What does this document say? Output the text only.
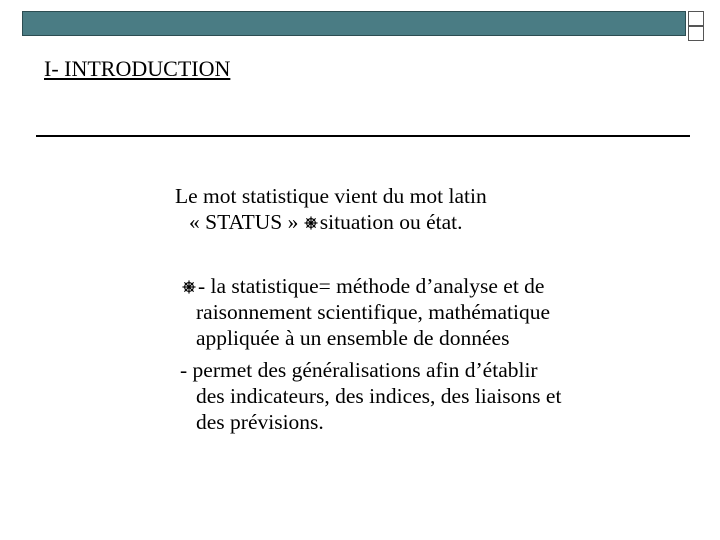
I- INTRODUCTION
Le mot statistique vient du mot latin
« STATUS » situation ou état.
- la statistique= méthode d’analyse et de
raisonnement scientifique, mathématique
appliquée à un ensemble de données
- permet des généralisations afin d’établir
des indicateurs, des indices, des liaisons et
des prévisions.
